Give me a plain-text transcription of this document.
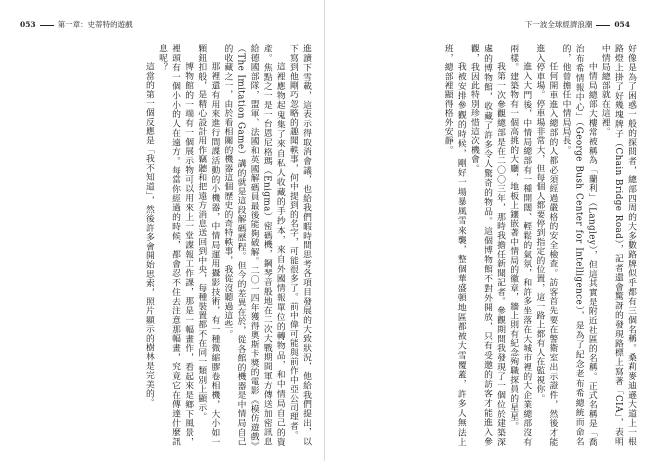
053	第一章：史蒂特的遊戲

進讀下雪載，這表示得取消會議，也給我們暇時間思考各項目發展的大致狀況，他給我們提出，以下寫到他剛巧忽略的趣聞軼事，何中提到的名字，可能很多了。前中偉可能與前作中亞公司理者。

這裡應物起鬼集了來自私人收藏的手抄本，來自外國情報單位的轉物品，和中情局自己的資產。焦點之一是一台恩尼格瑪（Enigma）密碼機，鋼琴音般地在二次大戰期間軍方傳送加密訊息給德國部隊，盟軍、法國和英國解碼員最後能夠破解。二〇一四年獲得奧斯卡獎的電影《模仿遊戲》（The Imitation Game）講的就是這段解碼歷程。但今的差異在於，從各館的機器是中情局自己的收藏之一，由於看相關的機器這個歷史的奇特軼事，我從沒聽過這些。

那裡還有用來進行間諜活動的小機器，中情局運用攝影技術，有一種微縮膠卷相機，大小如一顆鈕扣般，是精心設計用作竊聽和把遠方消息送回到中央，每種裝置都不在同一類別上顯示。

博物館的一端有一個展示物可以用來上一堂諜報工作課，那是一幅畫作，看起來是鄉下風景，裡頭有一個小小的人在遠方。每當你經過的時候，都會忍不住去注意那幅畫，究竟它在傳達什麼訊息呢？

這當的第一個反應是「我不知道」，然後許多會開始思索，照片顯示的樹林是完美的。

下一波全球經濟浪潮	054

好像是為了困惑一般的探問者，總部四周的大多數路牌似乎都有三個名稱。桑莉麥迪遜大道上一根路燈上掛了好幾塊牌子（Chain Bridge Road），記者還會驚訝的發現路標上寫著「CIA」，表明中情局總部就在這裡。

中情局總部大樓常被稱為「蘭利」（Langley），但這其實是附近社區的名稱。正式名稱是「喬治布希情報中心」（George Bush Center for Intelligence），是為了紀念老布希總統而命名的，他曾擔任中情局局長。

任何開車進入總部的人都必須經過嚴格的安全檢查。訪客首先要在警衛室出示證件，然後才能進入停車場。停車場非常大，但每個人都要停到指定的位置，這一路上都有人在監視你。

進入大門後，中情局總部有一種開闊、輕鬆的氣氛，和許多坐落在大城市裡的大企業總部沒有兩樣。建築物有一個高挑的大廳，地板上鑲嵌著中情局的徽章，牆上則有紀念殉職探員的星星。

我第一次參觀總部是在二〇〇三年，那時我擔任新聞記者。參觀期間我發現了一個位於建築深處的博物館，收藏了許多令人驚奇的物品。這個博物館不對外開放，只有受邀的訪客才能進入參觀，我因此特別珍惜這次機會。

我被安排參觀的時候，剛好一場暴風雪來襲，整個華盛頓地區都被大雪覆蓋，許多人無法上班，總部裡顯得格外安靜。
